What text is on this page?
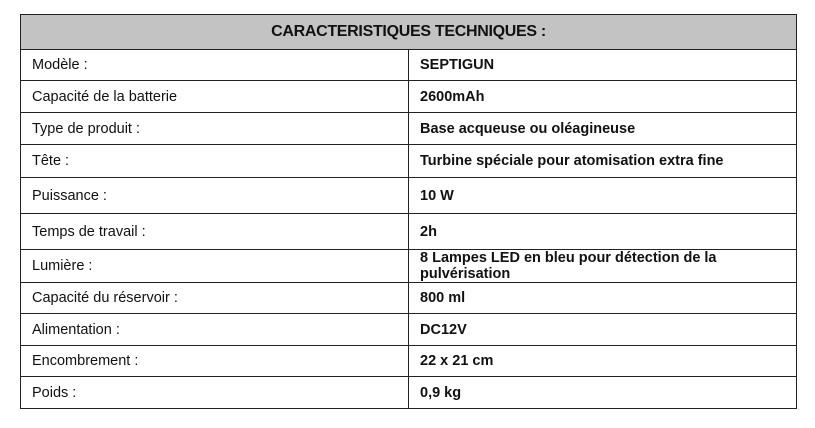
CARACTERISTIQUES TECHNIQUES :	
Modèle :	SEPTIGUN
Capacité de la batterie	2600mAh
Type de produit :	Base acqueuse ou oléagineuse
Tête :	Turbine spéciale pour atomisation extra fine
Puissance :	10 W
Temps de travail :	2h
Lumière :	8 Lampes LED en bleu pour détection de la pulvérisation
Capacité du réservoir :	800 ml
Alimentation :	DC12V
Encombrement :	22 x 21 cm
Poids :	0,9 kg
